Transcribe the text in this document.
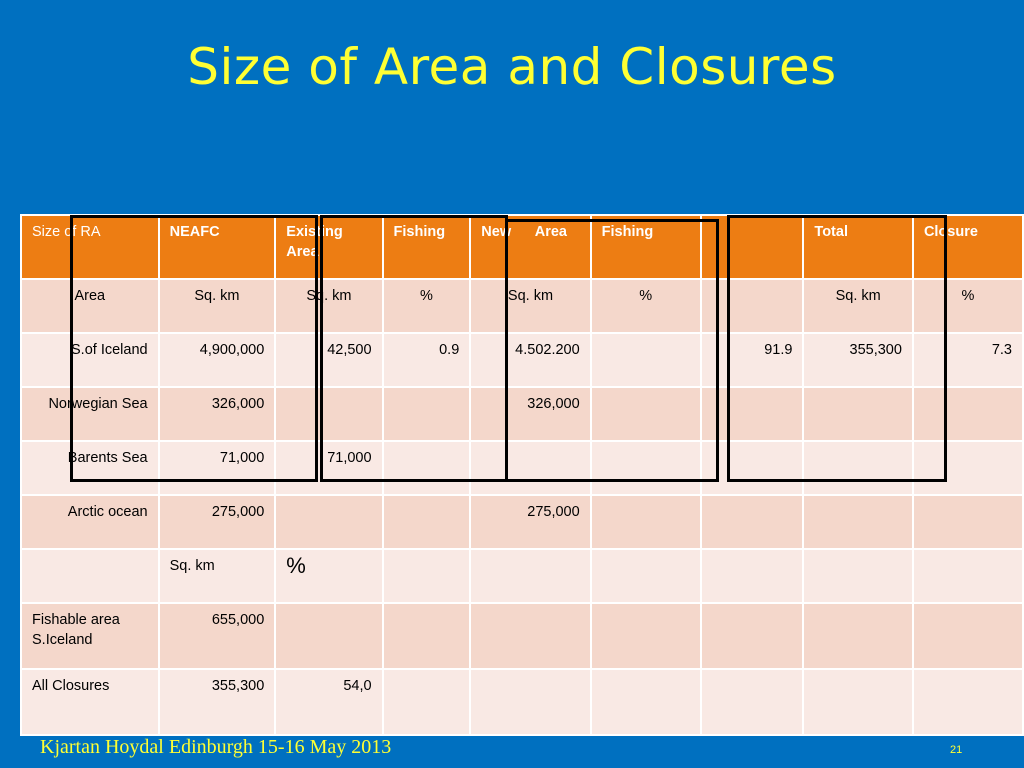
Size of Area and Closures
Size of RA	NEAFC	Existing Area	Fishing	New      Area	Fishing		Total	Closure
Area	Sq. km	Sq. km	%	Sq. km	%		Sq. km	%
S.of Iceland	4,900,000	42,500	0.9	4.502.200		91.9	355,300	7.3
Norwegian Sea	326,000			326,000				
Barents Sea	71,000	71,000						
Arctic ocean	275,000			275,000				
	Sq. km	%						
Fishable area S.Iceland	655,000							
All Closures	355,300	54,0						
Kjartan Hoydal Edinburgh 15-16 May 2013	21
